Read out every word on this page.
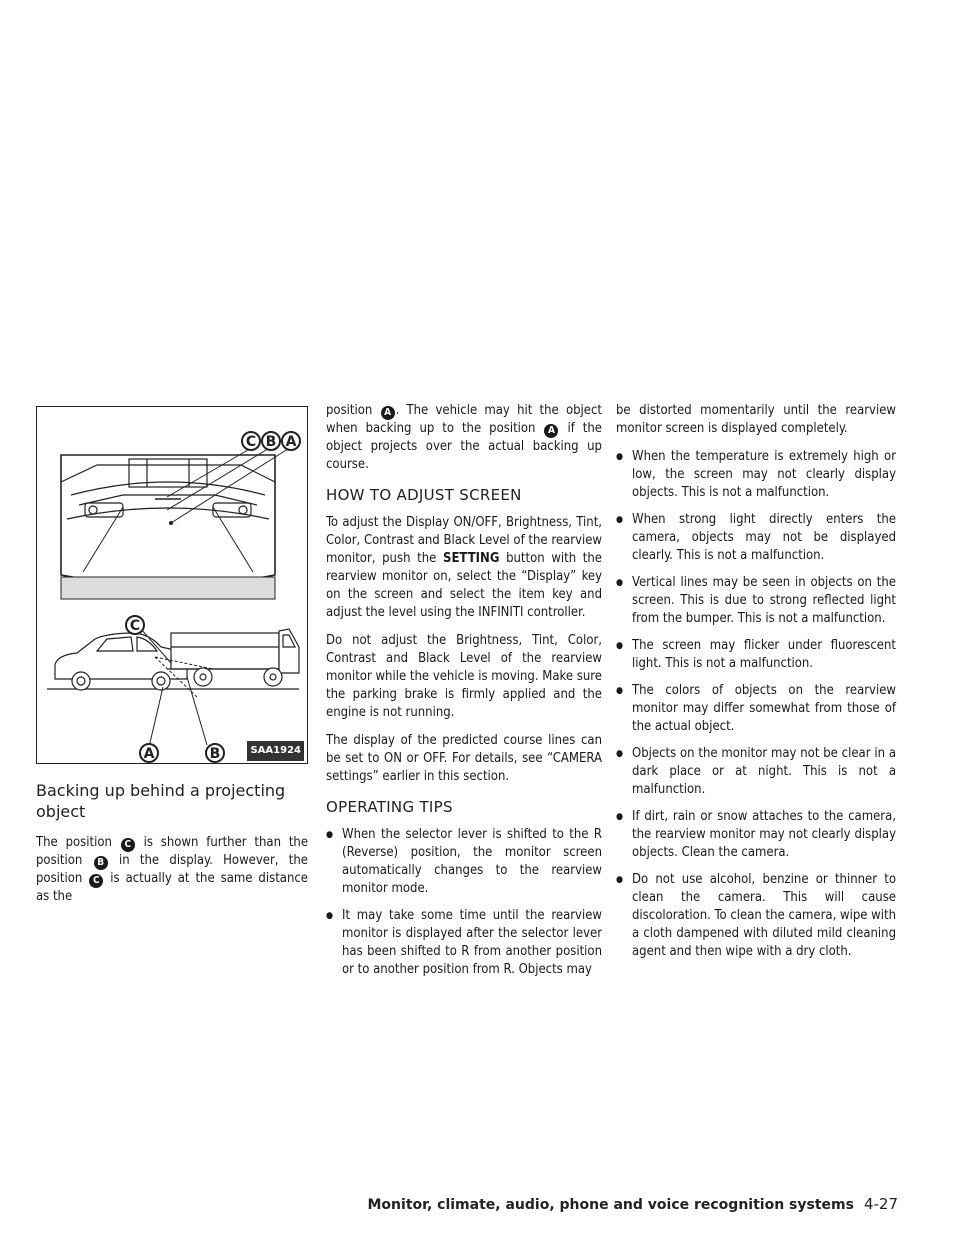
C B A
C
A	B	SAA1924
Backing up behind a projecting object

The position C is shown further than the position B in the display. However, the position C is actually at the same distance as the

position A . The vehicle may hit the object when backing up to the position A if the object projects over the actual backing up course.

HOW TO ADJUST SCREEN

To adjust the Display ON/OFF, Brightness, Tint, Color, Contrast and Black Level of the rearview monitor, push the SETTING button with the rearview monitor on, select the “Display” key on the screen and select the item key and adjust the level using the INFINITI controller.

Do not adjust the Brightness, Tint, Color, Contrast and Black Level of the rearview monitor while the vehicle is moving. Make sure the parking brake is firmly applied and the engine is not running.

The display of the predicted course lines can be set to ON or OFF. For details, see “CAMERA settings” earlier in this section.

OPERATING TIPS
● When the selector lever is shifted to the R (Reverse) position, the monitor screen automatically changes to the rearview monitor mode.
● It may take some time until the rearview monitor is displayed after the selector lever has been shifted to R from another position or to another position from R. Objects may

be distorted momentarily until the rearview monitor screen is displayed completely.

● When the temperature is extremely high or low, the screen may not clearly display objects. This is not a malfunction.
● When strong light directly enters the camera, objects may not be displayed clearly. This is not a malfunction.
● Vertical lines may be seen in objects on the screen. This is due to strong reflected light from the bumper. This is not a malfunction.
● The screen may flicker under fluorescent light. This is not a malfunction.
● The colors of objects on the rearview monitor may differ somewhat from those of the actual object.
● Objects on the monitor may not be clear in a dark place or at night. This is not a malfunction.
● If dirt, rain or snow attaches to the camera, the rearview monitor may not clearly display objects. Clean the camera.
● Do not use alcohol, benzine or thinner to clean the camera. This will cause discoloration. To clean the camera, wipe with a cloth dampened with diluted mild cleaning agent and then wipe with a dry cloth.
Monitor, climate, audio, phone and voice recognition systems 4-27
